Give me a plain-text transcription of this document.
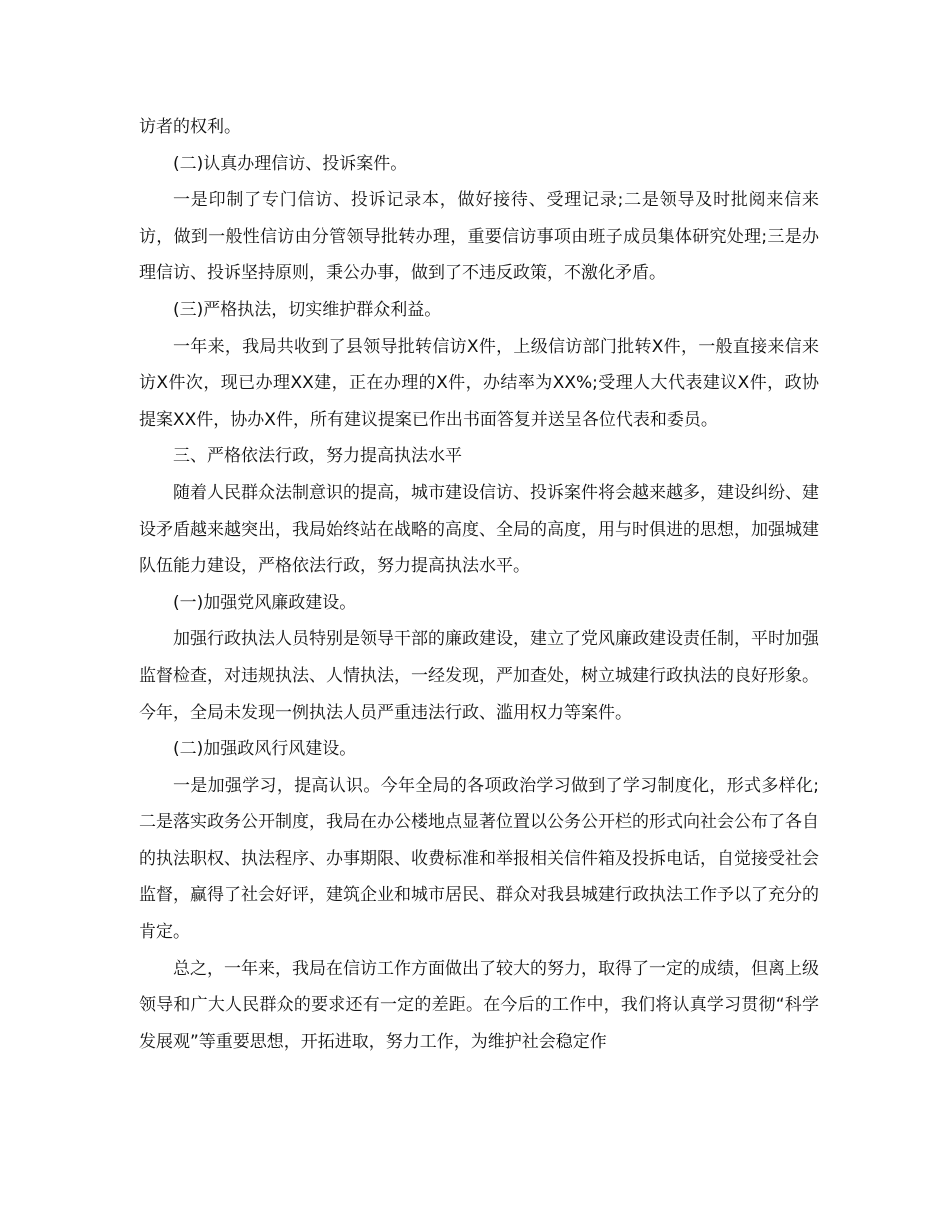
访者的权利。

(二)认真办理信访、投诉案件。

一是印制了专门信访、投诉记录本，做好接待、受理记录;二是领导及时批阅来信来访，做到一般性信访由分管领导批转办理，重要信访事项由班子成员集体研究处理;三是办理信访、投诉坚持原则，秉公办事，做到了不违反政策，不激化矛盾。

(三)严格执法，切实维护群众利益。

一年来，我局共收到了县领导批转信访X件，上级信访部门批转X件，一般直接来信来访X件次，现已办理XX建，正在办理的X件，办结率为XX%;受理人大代表建议X件，政协提案XX件，协办X件，所有建议提案已作出书面答复并送呈各位代表和委员。

三、严格依法行政，努力提高执法水平

随着人民群众法制意识的提高，城市建设信访、投诉案件将会越来越多，建设纠纷、建设矛盾越来越突出，我局始终站在战略的高度、全局的高度，用与时俱进的思想，加强城建队伍能力建设，严格依法行政，努力提高执法水平。

(一)加强党风廉政建设。

加强行政执法人员特别是领导干部的廉政建设，建立了党风廉政建设责任制，平时加强监督检查，对违规执法、人情执法，一经发现，严加查处，树立城建行政执法的良好形象。今年，全局未发现一例执法人员严重违法行政、滥用权力等案件。

(二)加强政风行风建设。

一是加强学习，提高认识。今年全局的各项政治学习做到了学习制度化，形式多样化;二是落实政务公开制度，我局在办公楼地点显著位置以公务公开栏的形式向社会公布了各自的执法职权、执法程序、办事期限、收费标准和举报相关信件箱及投拆电话，自觉接受社会监督，赢得了社会好评，建筑企业和城市居民、群众对我县城建行政执法工作予以了充分的肯定。

总之，一年来，我局在信访工作方面做出了较大的努力，取得了一定的成绩，但离上级领导和广大人民群众的要求还有一定的差距。在今后的工作中，我们将认真学习贯彻“科学发展观”等重要思想，开拓进取，努力工作，为维护社会稳定作
